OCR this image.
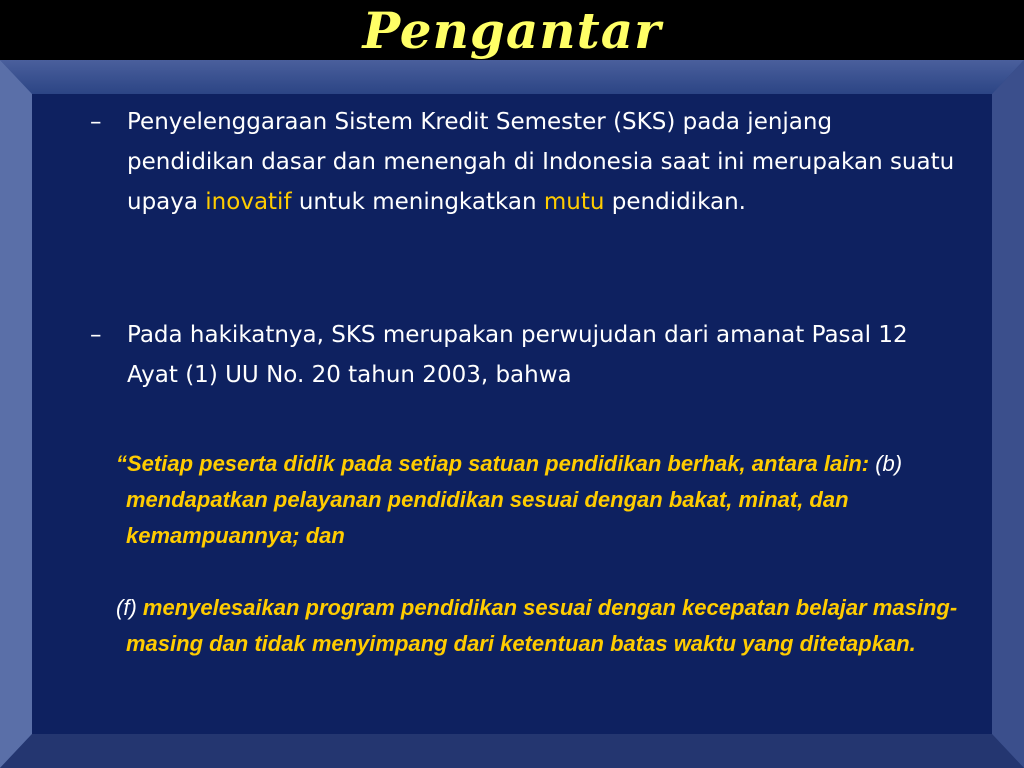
Pengantar
– Penyelenggaraan Sistem Kredit Semester (SKS) pada jenjang pendidikan dasar dan menengah di Indonesia saat ini merupakan suatu upaya inovatif untuk meningkatkan mutu pendidikan.
– Pada hakikatnya, SKS merupakan perwujudan dari amanat Pasal 12 Ayat (1) UU No. 20 tahun 2003, bahwa
“Setiap peserta didik pada setiap satuan pendidikan berhak, antara lain: (b) mendapatkan pelayanan pendidikan sesuai dengan bakat, minat, dan kemampuannya; dan
(f) menyelesaikan program pendidikan sesuai dengan kecepatan belajar masing-masing dan tidak menyimpang dari ketentuan batas waktu yang ditetapkan.
